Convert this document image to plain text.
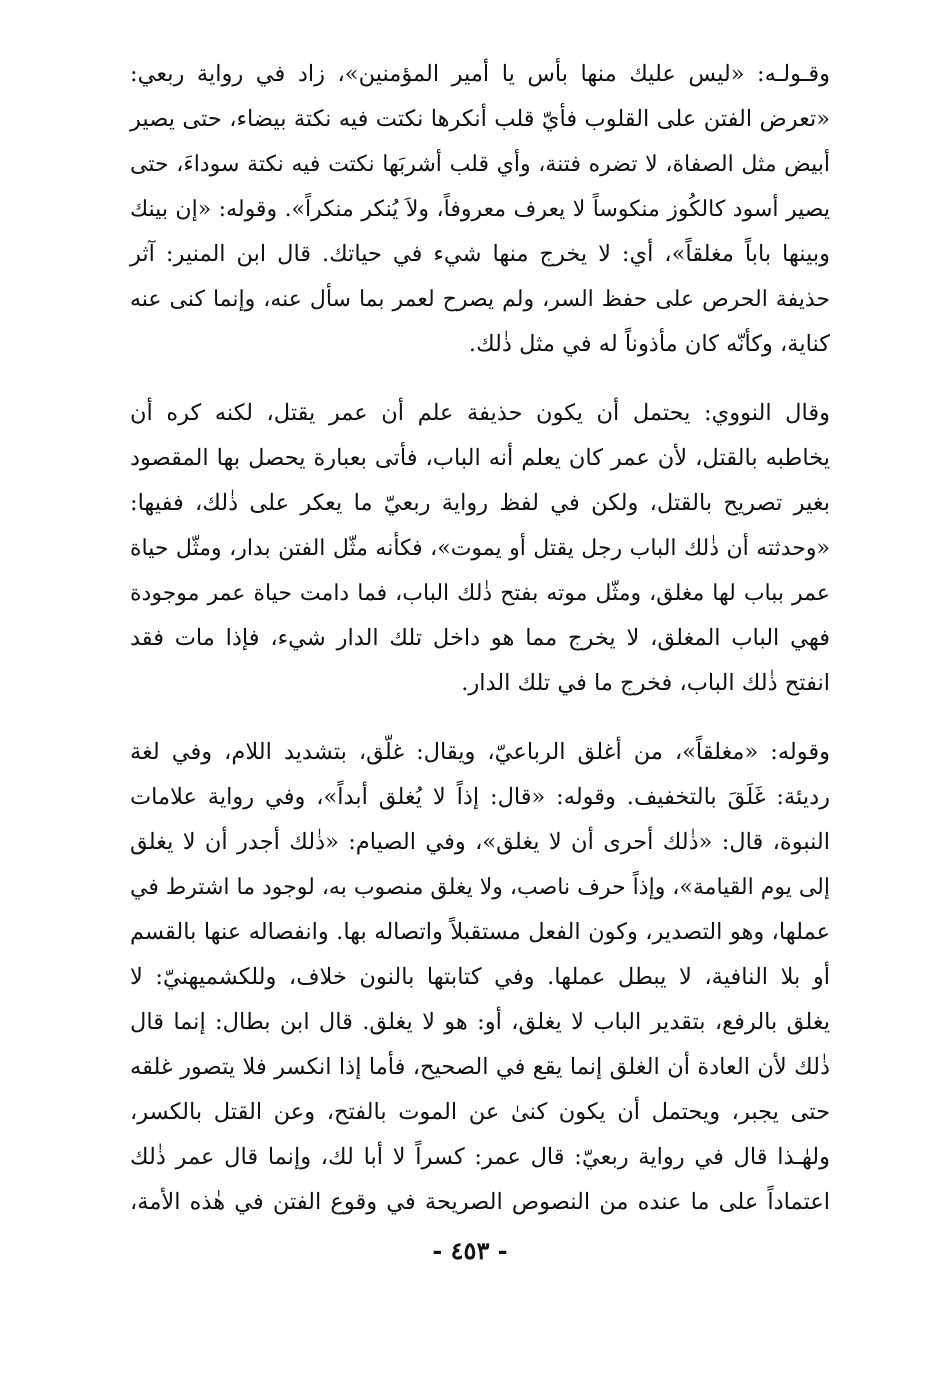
وقـولـه: «ليس عليك منها بأس يا أمير المؤمنين»، زاد في رواية ربعي:
«تعرض الفتن على القلوب فأيّ قلب أنكرها نكتت فيه نكتة بيضاء، حتى يصير
أبيض مثل الصفاة، لا تضره فتنة، وأي قلب أشربَها نكتت فيه نكتة سوداءَ، حتى
يصير أسود كالكُوز منكوساً لا يعرف معروفاً، ولاَ يُنكر منكراً». وقوله: «إن بينك
وبينها باباً مغلقاً»، أي: لا يخرج منها شيء في حياتك. قال ابن المنير: آثر
حذيفة الحرص على حفظ السر، ولم يصرح لعمر بما سأل عنه، وإنما كنى عنه
كناية، وكأنّه كان مأذوناً له في مثل ذٰلك.
وقال النووي: يحتمل أن يكون حذيفة علم أن عمر يقتل، لكنه كره أن
يخاطبه بالقتل، لأن عمر كان يعلم أنه الباب، فأتى بعبارة يحصل بها المقصود
بغير تصريح بالقتل، ولكن في لفظ رواية ربعيّ ما يعكر على ذٰلك، ففيها:
«وحدثته أن ذٰلك الباب رجل يقتل أو يموت»، فكأنه مثّل الفتن بدار، ومثّل حياة
عمر بباب لها مغلق، ومثّل موته بفتح ذٰلك الباب، فما دامت حياة عمر موجودة
فهي الباب المغلق، لا يخرج مما هو داخل تلك الدار شيء، فإذا مات فقد
انفتح ذٰلك الباب، فخرج ما في تلك الدار.
وقوله: «مغلقاً»، من أغلق الرباعيّ، ويقال: غلّق، بتشديد اللام، وفي لغة
رديئة: غَلَقَ بالتخفيف. وقوله: «قال: إذاً لا يُغلق أبداً»، وفي رواية علامات
النبوة، قال: «ذٰلك أحرى أن لا يغلق»، وفي الصيام: «ذٰلك أجدر أن لا يغلق
إلى يوم القيامة»، وإذاً حرف ناصب، ولا يغلق منصوب به، لوجود ما اشترط في
عملها، وهو التصدير، وكون الفعل مستقبلاً واتصاله بها. وانفصاله عنها بالقسم
أو بلا النافية، لا يبطل عملها. وفي كتابتها بالنون خلاف، وللكشميهنيّ: لا
يغلق بالرفع، بتقدير الباب لا يغلق، أو: هو لا يغلق. قال ابن بطال: إنما قال
ذٰلك لأن العادة أن الغلق إنما يقع في الصحيح، فأما إذا انكسر فلا يتصور غلقه
حتى يجبر، ويحتمل أن يكون كنىٰ عن الموت بالفتح، وعن القتل بالكسر،
ولهٰـذا قال في رواية ربعيّ: قال عمر: كسراً لا أبا لك، وإنما قال عمر ذٰلك
اعتماداً على ما عنده من النصوص الصريحة في وقوع الفتن في هٰذه الأمة،
- ٤٥٣ -
